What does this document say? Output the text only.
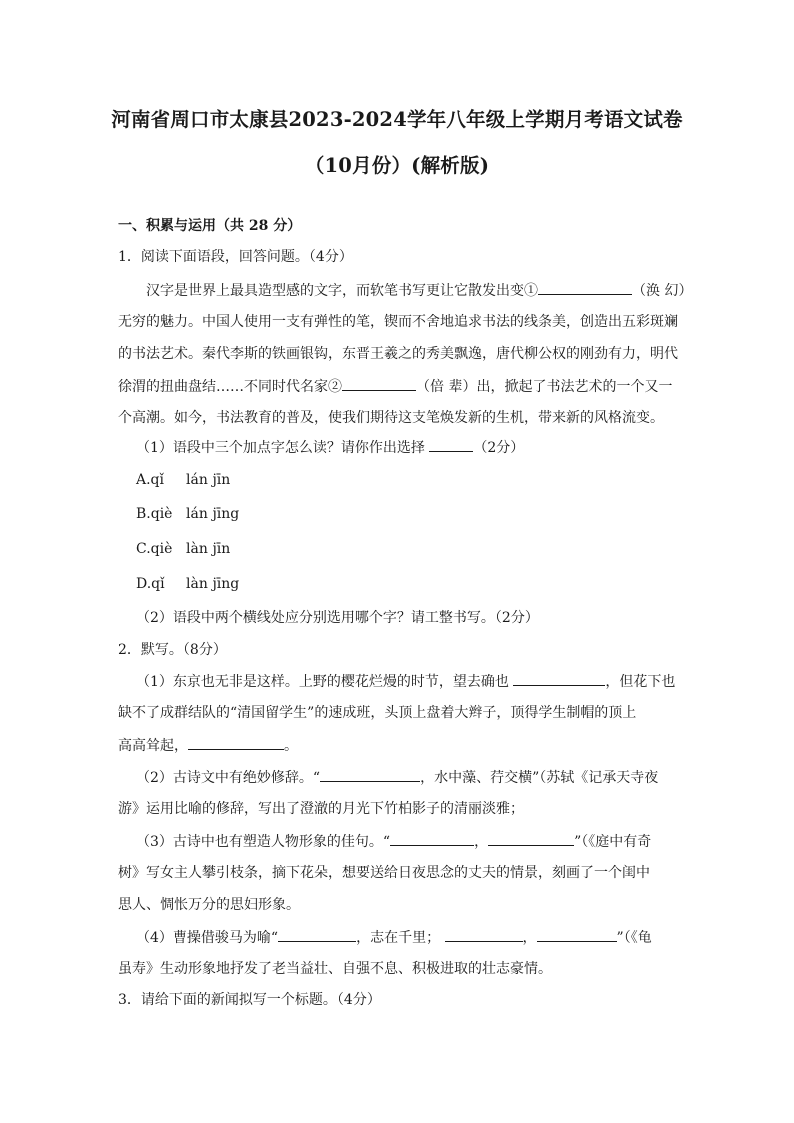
河南省周口市太康县2023-2024学年八年级上学期月考语文试卷
（10月份）(解析版)
一、积累与运用（共 28 分）
1．阅读下面语段，回答问题。（4分）
汉字是世界上最具造型感的文字，而软笔书写更让它散发出变①	（涣 幻）
无穷的魅力。中国人使用一支有弹性的笔，锲而不舍地追求书法的线条美，创造出五彩斑斓
的书法艺术。秦代李斯的铁画银钩，东晋王羲之的秀美飘逸，唐代柳公权的刚劲有力，明代
徐渭的扭曲盘结……不同时代名家②	（倍 辈）出，掀起了书法艺术的一个又一
个高潮。如今，书法教育的普及，使我们期待这支笔焕发新的生机，带来新的风格流变。
（1）语段中三个加点字怎么读？请你作出选择	（2分）
A.qǐ lán jīn
B.qiè lán jīng
C.qiè làn jīn
D.qǐ làn jīng
（2）语段中两个横线处应分别选用哪个字？请工整书写。（2分）
2．默写。（8分）
（1）东京也无非是这样。上野的樱花烂熳的时节，望去确也	，但花下也
缺不了成群结队的“清国留学生”的速成班，头顶上盘着大辫子，顶得学生制帽的顶上
高高耸起，	。
（2）古诗文中有绝妙修辞。“	，水中藻、荇交横”（苏轼《记承天寺夜
游》运用比喻的修辞，写出了澄澈的月光下竹柏影子的清丽淡雅；
（3）古诗中也有塑造人物形象的佳句。“	，	”（《庭中有奇
树》写女主人攀引枝条，摘下花朵，想要送给日夜思念的丈夫的情景，刻画了一个闺中
思人、惆怅万分的思妇形象。
（4）曹操借骏马为喻“	，志在千里；	，	”（《龟
虽寿》生动形象地抒发了老当益壮、自强不息、积极进取的壮志豪情。
3．请给下面的新闻拟写一个标题。（4分）
